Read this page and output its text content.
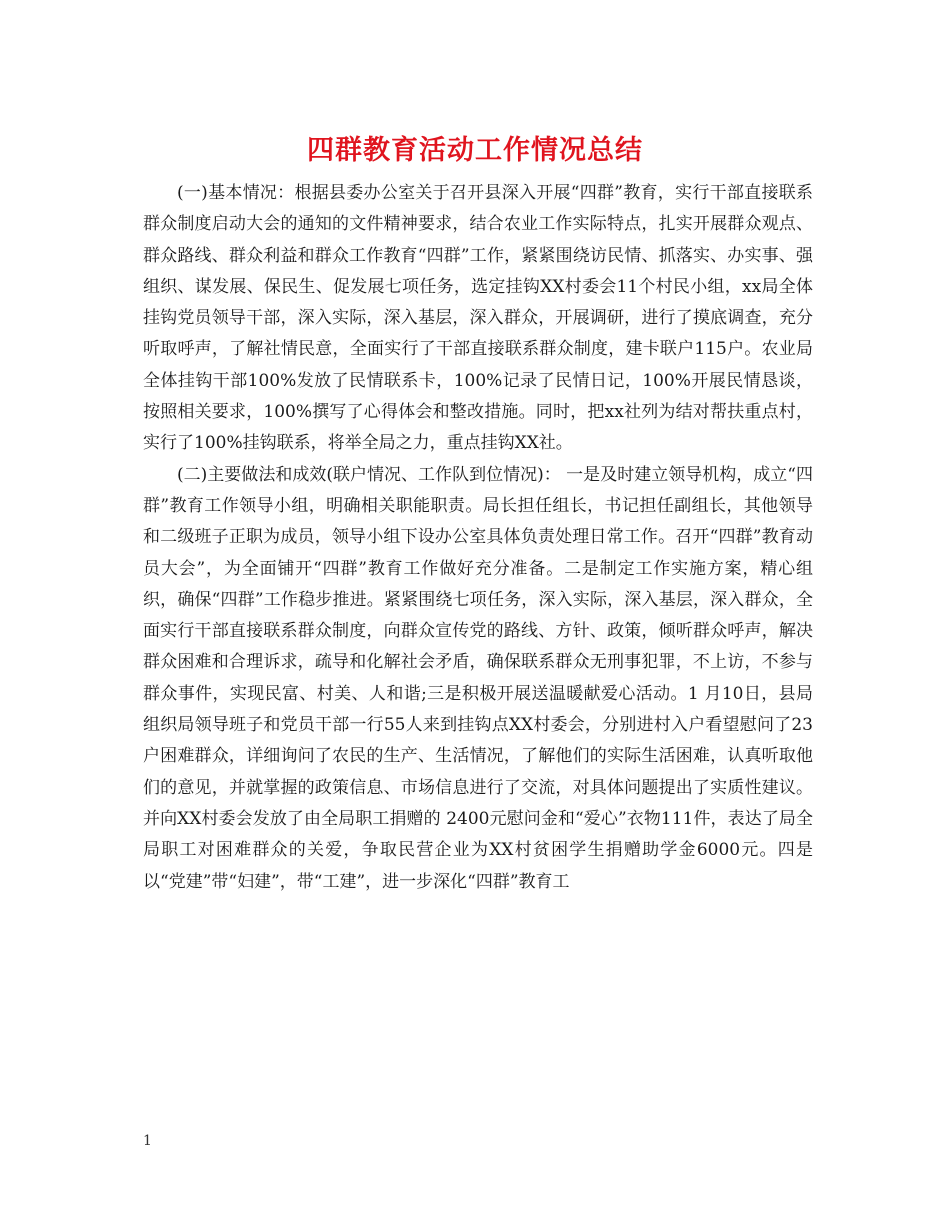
四群教育活动工作情况总结

(一)基本情况：根据县委办公室关于召开县深入开展“四群”教育，实行干部直接联系群众制度启动大会的通知的文件精神要求，结合农业工作实际特点，扎实开展群众观点、群众路线、群众利益和群众工作教育“四群”工作，紧紧围绕访民情、抓落实、办实事、强组织、谋发展、保民生、促发展七项任务，选定挂钩XX村委会11个村民小组，xx局全体挂钩党员领导干部，深入实际，深入基层，深入群众，开展调研，进行了摸底调查，充分听取呼声，了解社情民意，全面实行了干部直接联系群众制度，建卡联户115户。农业局全体挂钩干部100%发放了民情联系卡，100%记录了民情日记，100%开展民情恳谈，按照相关要求，100%撰写了心得体会和整改措施。同时，把xx社列为结对帮扶重点村，实行了100%挂钩联系，将举全局之力，重点挂钩XX社。

(二)主要做法和成效(联户情况、工作队到位情况)： 一是及时建立领导机构，成立“四群”教育工作领导小组，明确相关职能职责。局长担任组长，书记担任副组长，其他领导和二级班子正职为成员，领导小组下设办公室具体负责处理日常工作。召开“四群”教育动员大会”，为全面铺开“四群”教育工作做好充分准备。二是制定工作实施方案，精心组织，确保“四群”工作稳步推进。紧紧围绕七项任务，深入实际，深入基层，深入群众，全面实行干部直接联系群众制度，向群众宣传党的路线、方针、政策，倾听群众呼声，解决群众困难和合理诉求，疏导和化解社会矛盾，确保联系群众无刑事犯罪，不上访，不参与群众事件，实现民富、村美、人和谐;三是积极开展送温暖献爱心活动。1 月10日，县局组织局领导班子和党员干部一行55人来到挂钩点XX村委会，分别进村入户看望慰问了23户困难群众，详细询问了农民的生产、生活情况，了解他们的实际生活困难，认真听取他们的意见，并就掌握的政策信息、市场信息进行了交流，对具体问题提出了实质性建议。并向XX村委会发放了由全局职工捐赠的 2400元慰问金和“爱心”衣物111件，表达了局全局职工对困难群众的关爱，争取民营企业为XX村贫困学生捐赠助学金6000元。四是以“党建”带“妇建”，带“工建”，进一步深化“四群”教育工

1
